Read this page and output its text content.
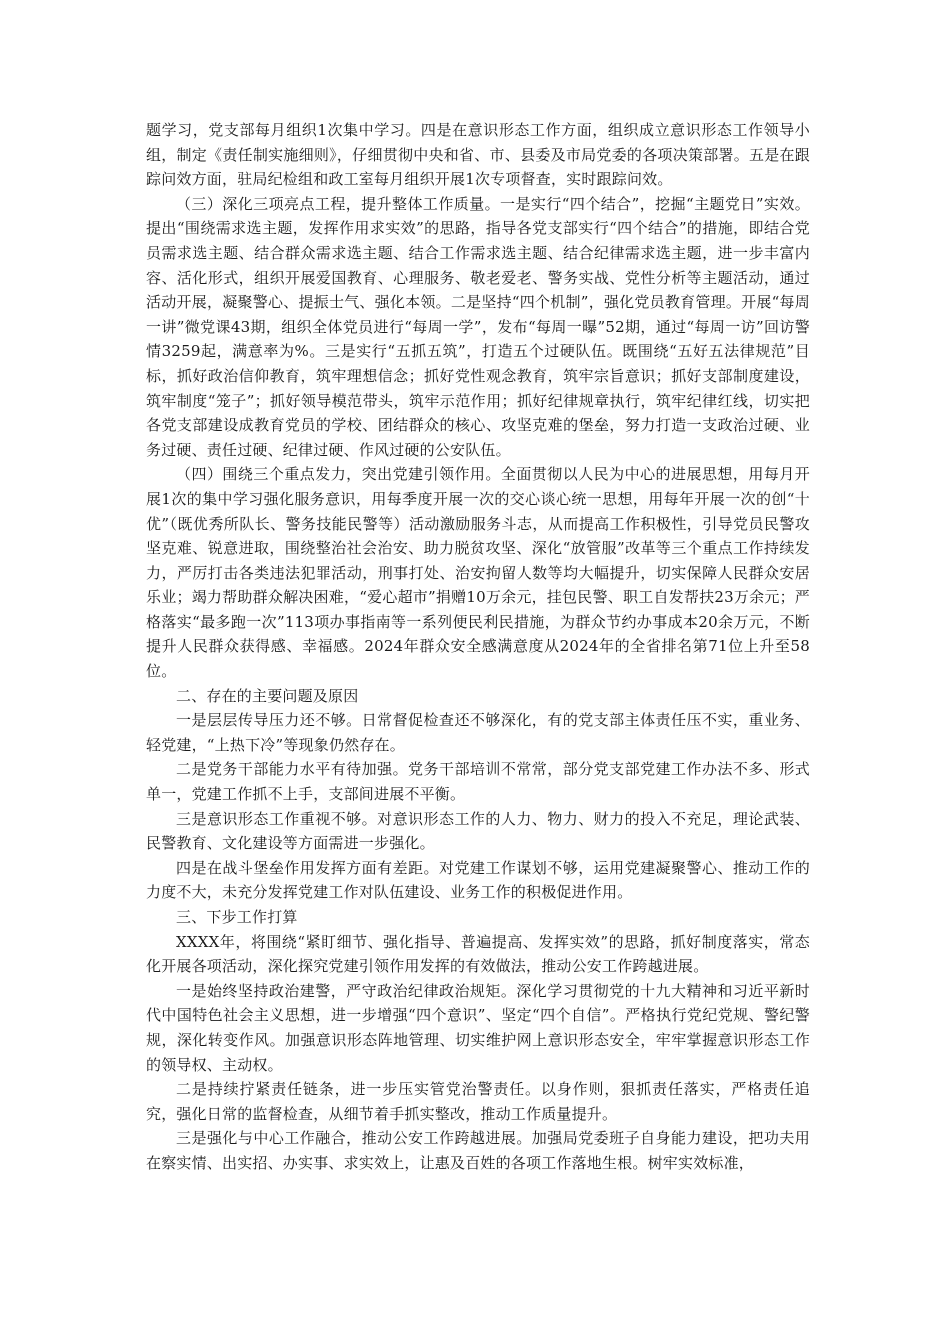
题学习，党支部每月组织1次集中学习。四是在意识形态工作方面，组织成立意识形态工作领导小组，制定《责任制实施细则》，仔细贯彻中央和省、市、县委及市局党委的各项决策部署。五是在跟踪问效方面，驻局纪检组和政工室每月组织开展1次专项督查，实时跟踪问效。

（三）深化三项亮点工程，提升整体工作质量。一是实行“四个结合”，挖掘“主题党日”实效。提出“围绕需求选主题，发挥作用求实效”的思路，指导各党支部实行“四个结合”的措施，即结合党员需求选主题、结合群众需求选主题、结合工作需求选主题、结合纪律需求选主题，进一步丰富内容、活化形式，组织开展爱国教育、心理服务、敬老爱老、警务实战、党性分析等主题活动，通过活动开展，凝聚警心、提振士气、强化本领。二是坚持“四个机制”，强化党员教育管理。开展“每周一讲”微党课43期，组织全体党员进行“每周一学”，发布“每周一曝”52期，通过“每周一访”回访警情3259起，满意率为%。三是实行“五抓五筑”，打造五个过硬队伍。既围绕“五好五法律规范”目标，抓好政治信仰教育，筑牢理想信念；抓好党性观念教育，筑牢宗旨意识；抓好支部制度建设，筑牢制度“笼子”；抓好领导模范带头，筑牢示范作用；抓好纪律规章执行，筑牢纪律红线，切实把各党支部建设成教育党员的学校、团结群众的核心、攻坚克难的堡垒，努力打造一支政治过硬、业务过硬、责任过硬、纪律过硬、作风过硬的公安队伍。

（四）围绕三个重点发力，突出党建引领作用。全面贯彻以人民为中心的进展思想，用每月开展1次的集中学习强化服务意识，用每季度开展一次的交心谈心统一思想，用每年开展一次的创“十优”（既优秀所队长、警务技能民警等）活动激励服务斗志，从而提高工作积极性，引导党员民警攻坚克难、锐意进取，围绕整治社会治安、助力脱贫攻坚、深化“放管服”改革等三个重点工作持续发力，严厉打击各类违法犯罪活动，刑事打处、治安拘留人数等均大幅提升，切实保障人民群众安居乐业；竭力帮助群众解决困难，“爱心超市”捐赠10万余元，挂包民警、职工自发帮扶23万余元；严格落实“最多跑一次”113项办事指南等一系列便民利民措施，为群众节约办事成本20余万元，不断提升人民群众获得感、幸福感。2024年群众安全感满意度从2024年的全省排名第71位上升至58位。

二、存在的主要问题及原因

一是层层传导压力还不够。日常督促检查还不够深化，有的党支部主体责任压不实，重业务、轻党建，“上热下冷”等现象仍然存在。

二是党务干部能力水平有待加强。党务干部培训不常常，部分党支部党建工作办法不多、形式单一，党建工作抓不上手，支部间进展不平衡。

三是意识形态工作重视不够。对意识形态工作的人力、物力、财力的投入不充足，理论武装、民警教育、文化建设等方面需进一步强化。

四是在战斗堡垒作用发挥方面有差距。对党建工作谋划不够，运用党建凝聚警心、推动工作的力度不大，未充分发挥党建工作对队伍建设、业务工作的积极促进作用。

三、下步工作打算

XXXX年，将围绕“紧盯细节、强化指导、普遍提高、发挥实效”的思路，抓好制度落实，常态化开展各项活动，深化探究党建引领作用发挥的有效做法，推动公安工作跨越进展。

一是始终坚持政治建警，严守政治纪律政治规矩。深化学习贯彻党的十九大精神和习近平新时代中国特色社会主义思想，进一步增强“四个意识”、坚定“四个自信”。严格执行党纪党规、警纪警规，深化转变作风。加强意识形态阵地管理、切实维护网上意识形态安全，牢牢掌握意识形态工作的领导权、主动权。

二是持续拧紧责任链条，进一步压实管党治警责任。以身作则，狠抓责任落实，严格责任追究，强化日常的监督检查，从细节着手抓实整改，推动工作质量提升。

三是强化与中心工作融合，推动公安工作跨越进展。加强局党委班子自身能力建设，把功夫用在察实情、出实招、办实事、求实效上，让惠及百姓的各项工作落地生根。树牢实效标准，
